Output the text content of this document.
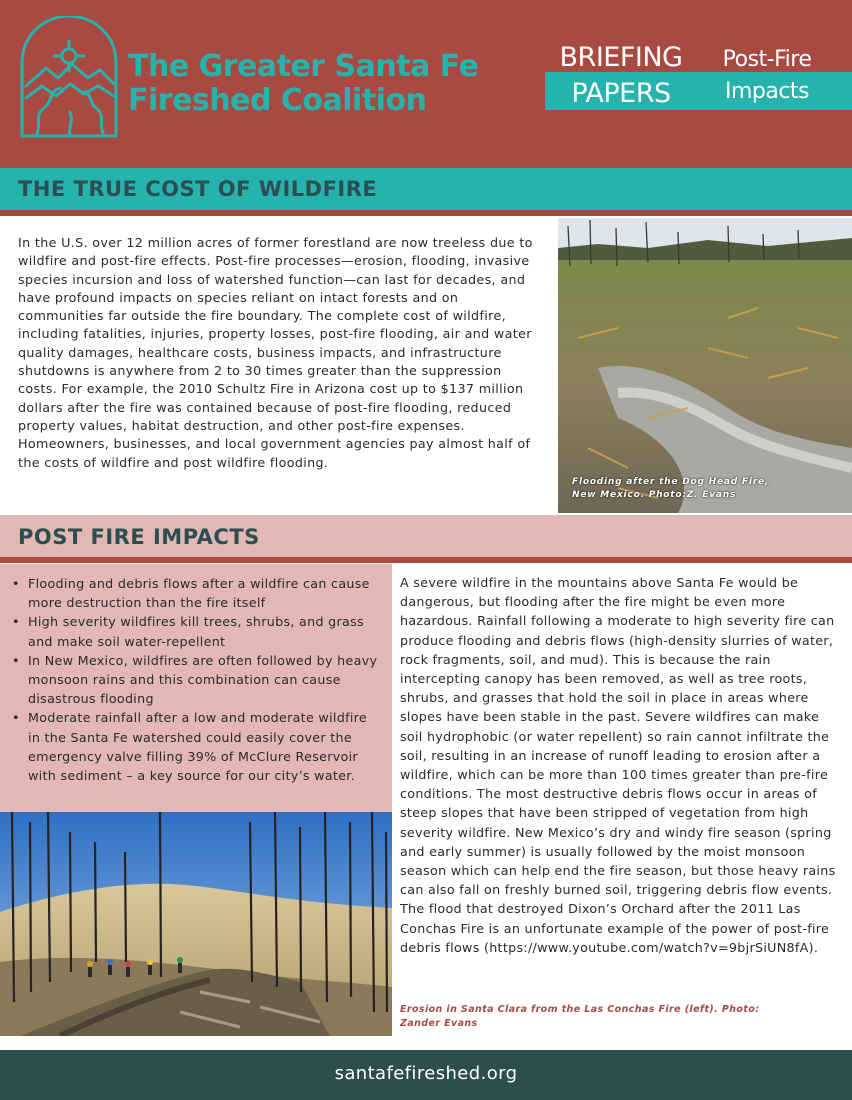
The Greater Santa Fe
Fireshed Coalition
BRIEFING
PAPERS
Post-Fire
Impacts
THE TRUE COST OF WILDFIRE

In the U.S. over 12 million acres of former forestland are now treeless due to wildfire and post-fire effects. Post-fire processes—erosion, flooding, invasive species incursion and loss of watershed function—can last for decades, and have profound impacts on species reliant on intact forests and on communities far outside the fire boundary. The complete cost of wildfire, including fatalities, injuries, property losses, post-fire flooding, air and water quality damages, healthcare costs, business impacts, and infrastructure shutdowns is anywhere from 2 to 30 times greater than the suppression costs. For example, the 2010 Schultz Fire in Arizona cost up to $137 million dollars after the fire was contained because of post-fire flooding, reduced property values, habitat destruction, and other post-fire expenses. Homeowners, businesses, and local government agencies pay almost half of the costs of wildfire and post wildfire flooding.

Flooding after the Dog Head Fire,
New Mexico. Photo:Z. Evans
POST FIRE IMPACTS
• Flooding and debris flows after a wildfire can cause more destruction than the fire itself
• High severity wildfires kill trees, shrubs, and grass and make soil water-repellent
• In New Mexico, wildfires are often followed by heavy monsoon rains and this combination can cause disastrous flooding
• Moderate rainfall after a low and moderate wildfire in the Santa Fe watershed could easily cover the emergency valve filling 39% of McClure Reservoir with sediment – a key source for our city’s water.

A severe wildfire in the mountains above Santa Fe would be dangerous, but flooding after the fire might be even more hazardous. Rainfall following a moderate to high severity fire can produce flooding and debris flows (high-density slurries of water, rock fragments, soil, and mud). This is because the rain intercepting canopy has been removed, as well as tree roots, shrubs, and grasses that hold the soil in place in areas where slopes have been stable in the past. Severe wildfires can make soil hydrophobic (or water repellent) so rain cannot infiltrate the soil, resulting in an increase of runoff leading to erosion after a wildfire, which can be more than 100 times greater than pre-fire conditions. The most destructive debris flows occur in areas of steep slopes that have been stripped of vegetation from high severity wildfire. New Mexico’s dry and windy fire season (spring and early summer) is usually followed by the moist monsoon season which can help end the fire season, but those heavy rains can also fall on freshly burned soil, triggering debris flow events. The flood that destroyed Dixon’s Orchard after the 2011 Las Conchas Fire is an unfortunate example of the power of post-fire debris flows (https://www.youtube.com/watch?v=9bjrSiUN8fA).

Erosion in Santa Clara from the Las Conchas Fire (left). Photo:
Zander Evans
santafefireshed.org
